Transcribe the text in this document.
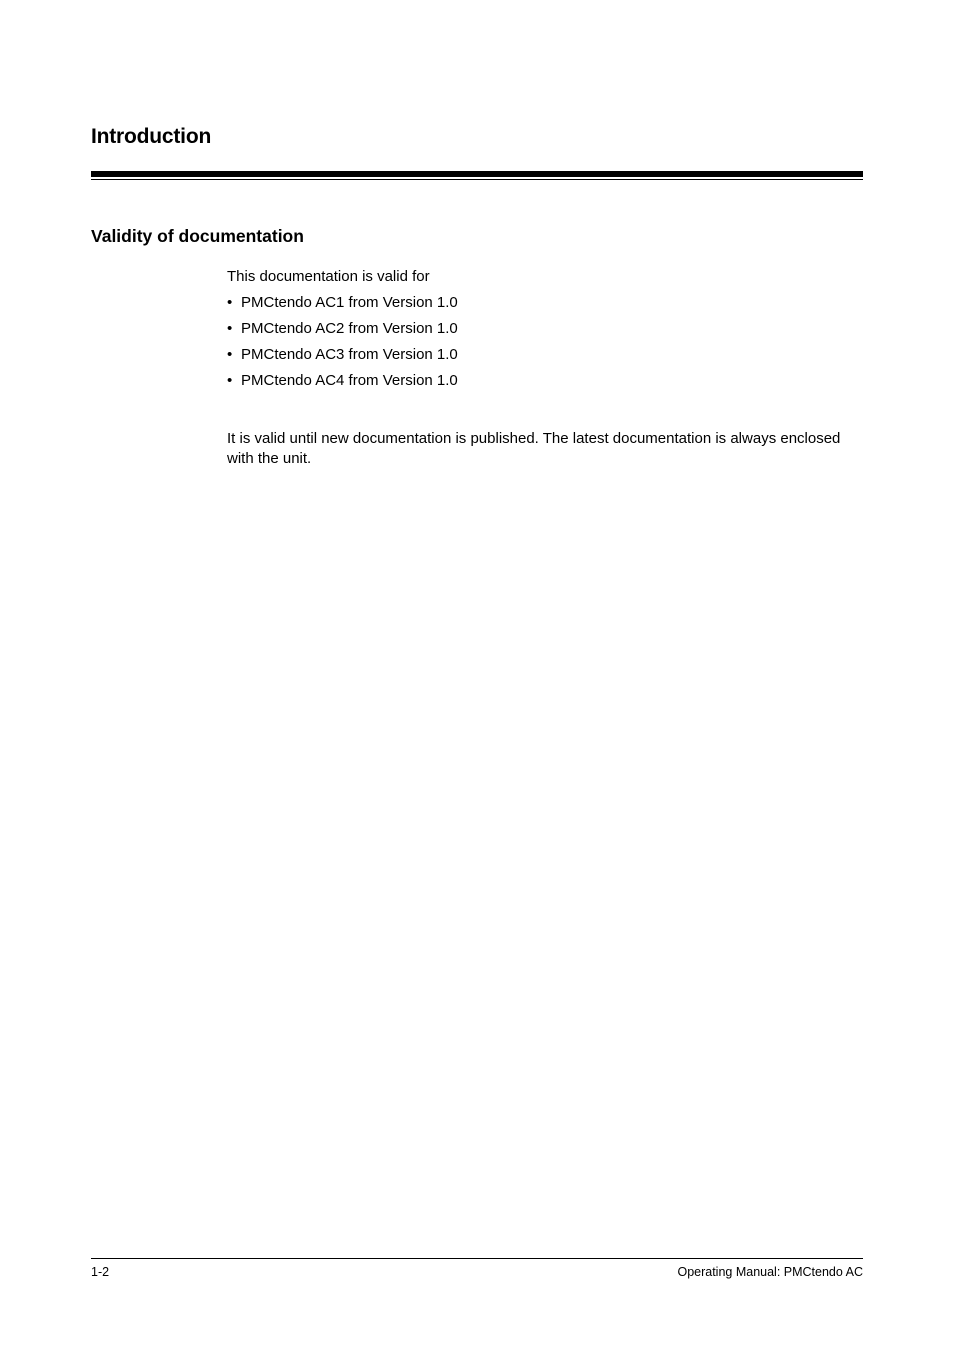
Introduction
Validity of documentation

This documentation is valid for

• PMCtendo AC1 from Version 1.0
• PMCtendo AC2 from Version 1.0
• PMCtendo AC3 from Version 1.0
• PMCtendo AC4 from Version 1.0

It is valid until new documentation is published. The latest documentation is always enclosed with the unit.

1-2	Operating Manual: PMCtendo AC
